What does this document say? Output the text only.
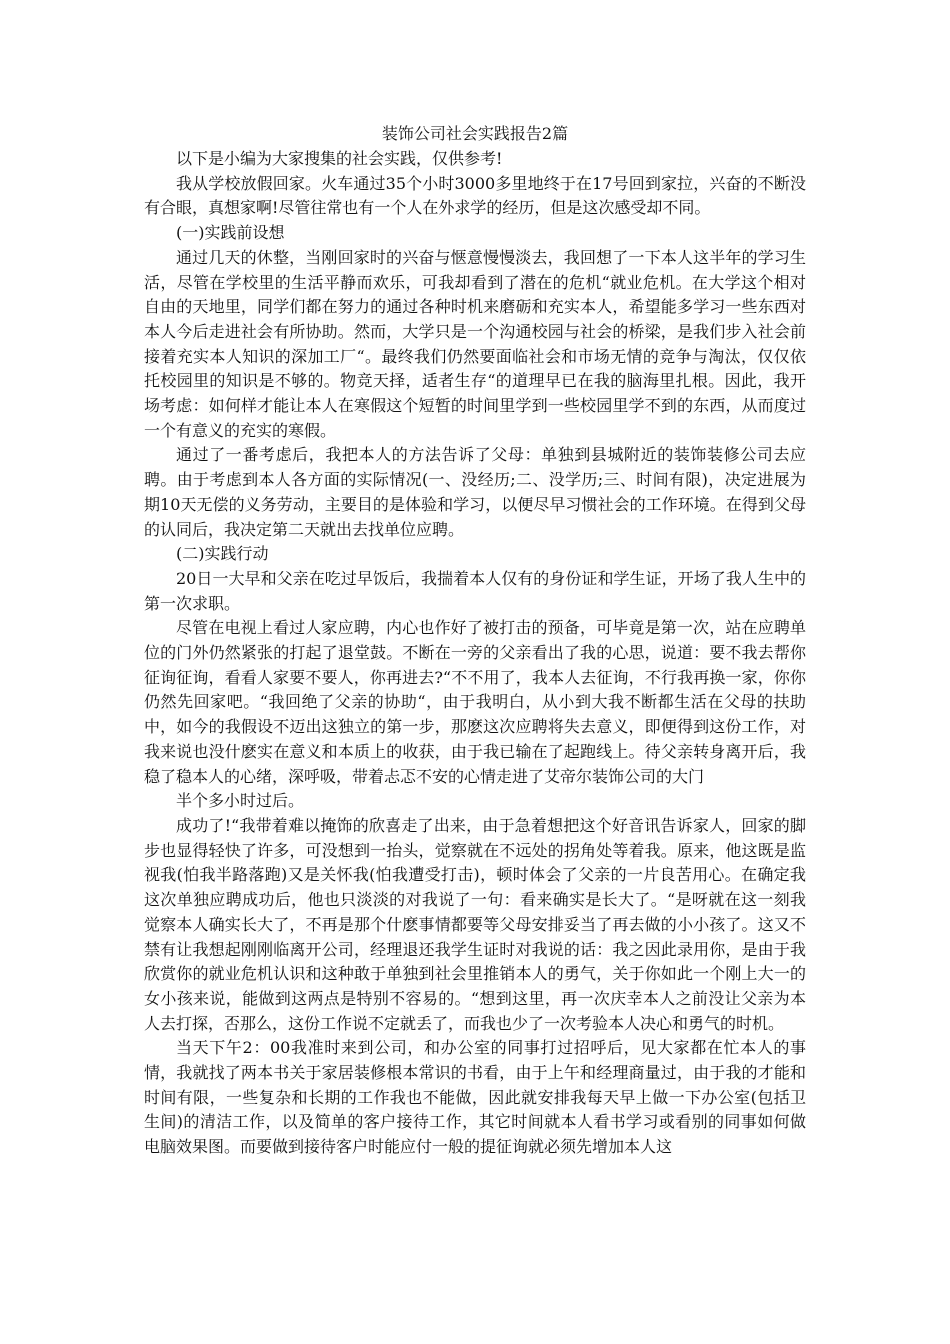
装饰公司社会实践报告2篇

以下是小编为大家搜集的社会实践，仅供参考!

我从学校放假回家。火车通过35个小时3000多里地终于在17号回到家拉，兴奋的不断没有合眼，真想家啊!尽管往常也有一个人在外求学的经历，但是这次感受却不同。

(一)实践前设想

通过几天的休整，当刚回家时的兴奋与惬意慢慢淡去，我回想了一下本人这半年的学习生活，尽管在学校里的生活平静而欢乐，可我却看到了潜在的危机“就业危机。在大学这个相对自由的天地里，同学们都在努力的通过各种时机来磨砺和充实本人，希望能多学习一些东西对本人今后走进社会有所协助。然而，大学只是一个沟通校园与社会的桥梁，是我们步入社会前接着充实本人知识的深加工厂“。最终我们仍然要面临社会和市场无情的竞争与淘汰，仅仅依托校园里的知识是不够的。物竞天择，适者生存“的道理早已在我的脑海里扎根。因此，我开场考虑：如何样才能让本人在寒假这个短暂的时间里学到一些校园里学不到的东西，从而度过一个有意义的充实的寒假。

通过了一番考虑后，我把本人的方法告诉了父母：单独到县城附近的装饰装修公司去应聘。由于考虑到本人各方面的实际情况(一、没经历;二、没学历;三、时间有限)，决定进展为期10天无偿的义务劳动，主要目的是体验和学习，以便尽早习惯社会的工作环境。在得到父母的认同后，我决定第二天就出去找单位应聘。

(二)实践行动

20日一大早和父亲在吃过早饭后，我揣着本人仅有的身份证和学生证，开场了我人生中的第一次求职。

尽管在电视上看过人家应聘，内心也作好了被打击的预备，可毕竟是第一次，站在应聘单位的门外仍然紧张的打起了退堂鼓。不断在一旁的父亲看出了我的心思，说道：要不我去帮你征询征询，看看人家要不要人，你再进去?“不不用了，我本人去征询，不行我再换一家，你你仍然先回家吧。“我回绝了父亲的协助“，由于我明白，从小到大我不断都生活在父母的扶助中，如今的我假设不迈出这独立的第一步，那麽这次应聘将失去意义，即便得到这份工作，对我来说也没什麽实在意义和本质上的收获，由于我已输在了起跑线上。待父亲转身离开后，我稳了稳本人的心绪，深呼吸，带着忐忑不安的心情走进了艾帝尔装饰公司的大门

半个多小时过后。

成功了!“我带着难以掩饰的欣喜走了出来，由于急着想把这个好音讯告诉家人，回家的脚步也显得轻快了许多，可没想到一抬头，觉察就在不远处的拐角处等着我。原来，他这既是监视我(怕我半路落跑)又是关怀我(怕我遭受打击)，顿时体会了父亲的一片良苦用心。在确定我这次单独应聘成功后，他也只淡淡的对我说了一句：看来确实是长大了。“是呀就在这一刻我觉察本人确实长大了，不再是那个什麽事情都要等父母安排妥当了再去做的小小孩了。这又不禁有让我想起刚刚临离开公司，经理退还我学生证时对我说的话：我之因此录用你，是由于我欣赏你的就业危机认识和这种敢于单独到社会里推销本人的勇气，关于你如此一个刚上大一的女小孩来说，能做到这两点是特别不容易的。“想到这里，再一次庆幸本人之前没让父亲为本人去打探，否那么，这份工作说不定就丢了，而我也少了一次考验本人决心和勇气的时机。

当天下午2：00我准时来到公司，和办公室的同事打过招呼后，见大家都在忙本人的事情，我就找了两本书关于家居装修根本常识的书看，由于上午和经理商量过，由于我的才能和时间有限，一些复杂和长期的工作我也不能做，因此就安排我每天早上做一下办公室(包括卫生间)的清洁工作，以及简单的客户接待工作，其它时间就本人看书学习或看别的同事如何做电脑效果图。而要做到接待客户时能应付一般的提征询就必须先增加本人这
